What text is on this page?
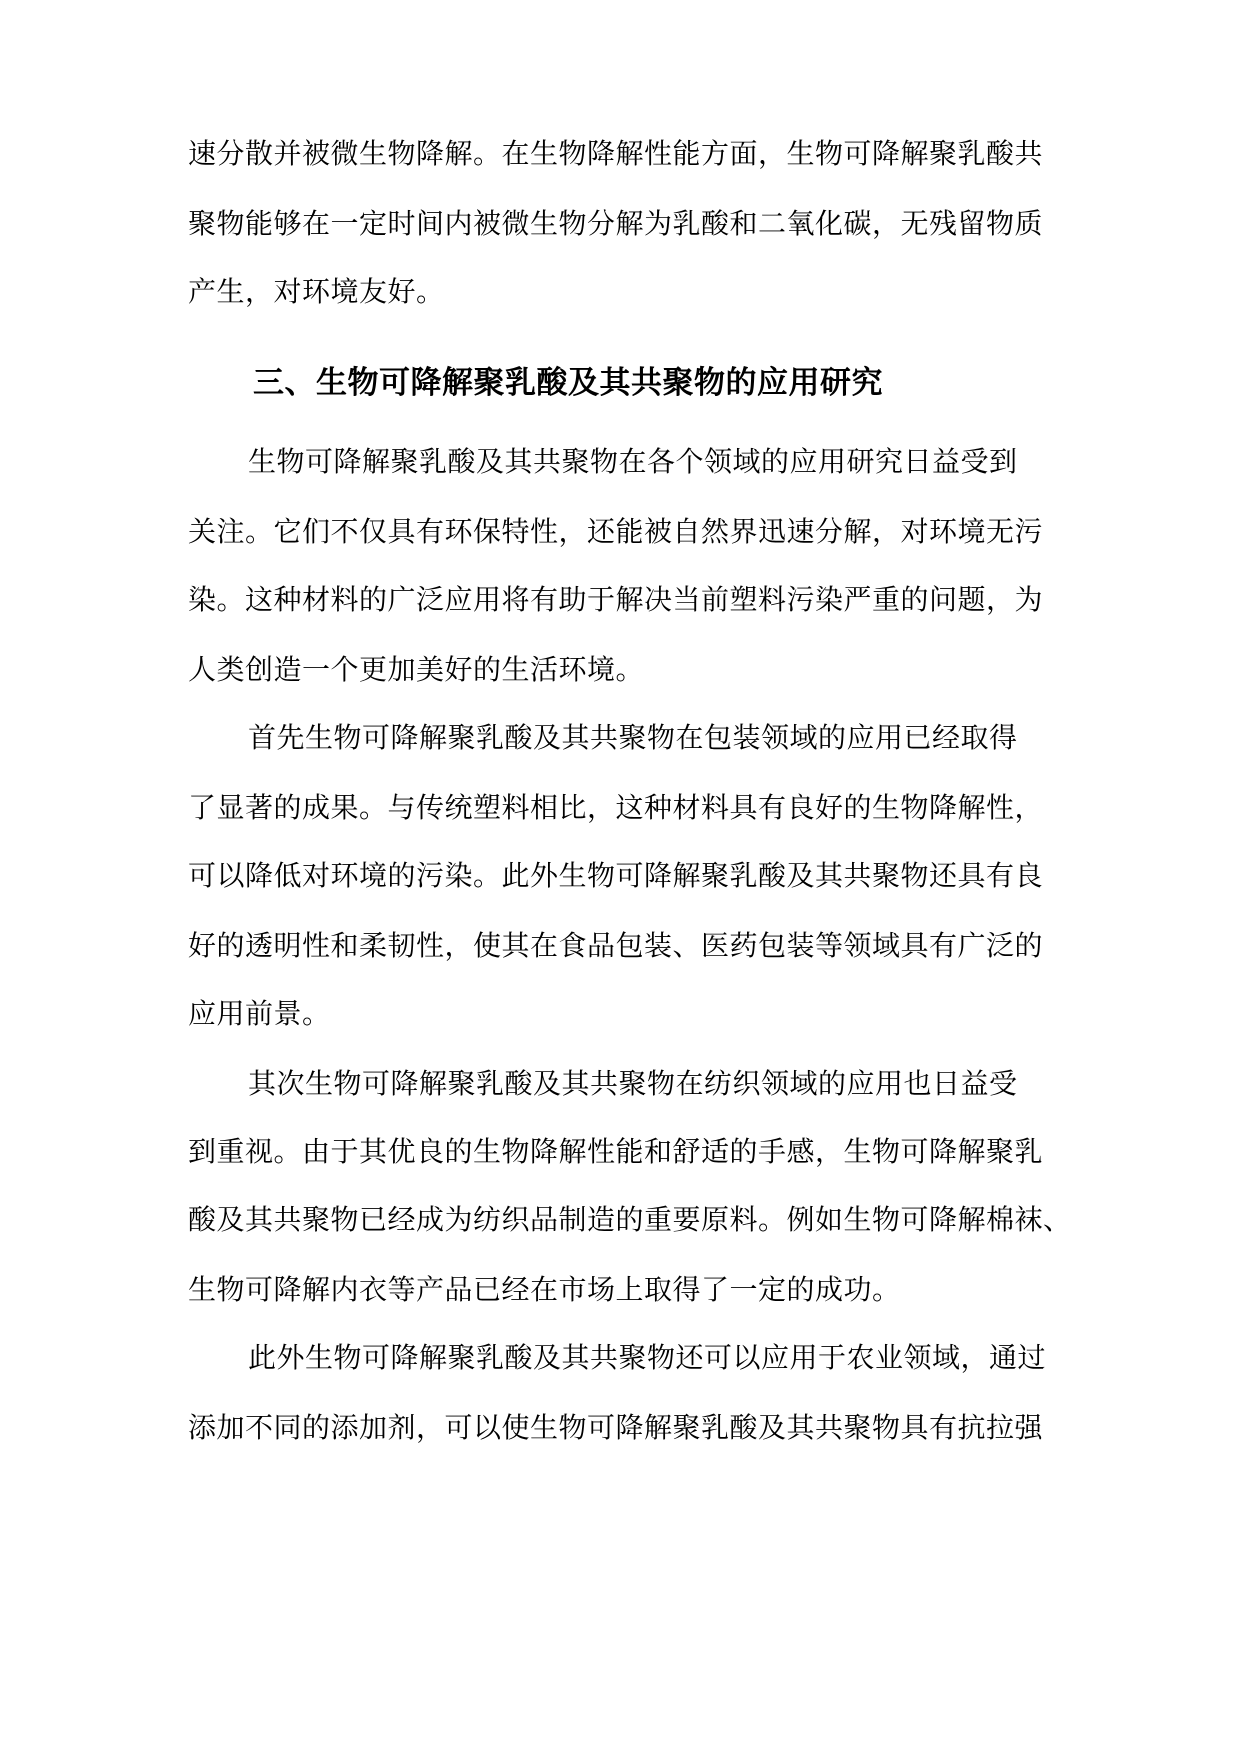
速分散并被微生物降解。在生物降解性能方面，生物可降解聚乳酸共
聚物能够在一定时间内被微生物分解为乳酸和二氧化碳，无残留物质
产生，对环境友好。
三、生物可降解聚乳酸及其共聚物的应用研究
生物可降解聚乳酸及其共聚物在各个领域的应用研究日益受到
关注。它们不仅具有环保特性，还能被自然界迅速分解，对环境无污
染。这种材料的广泛应用将有助于解决当前塑料污染严重的问题，为
人类创造一个更加美好的生活环境。
首先生物可降解聚乳酸及其共聚物在包装领域的应用已经取得
了显著的成果。与传统塑料相比，这种材料具有良好的生物降解性，
可以降低对环境的污染。此外生物可降解聚乳酸及其共聚物还具有良
好的透明性和柔韧性，使其在食品包装、医药包装等领域具有广泛的
应用前景。
其次生物可降解聚乳酸及其共聚物在纺织领域的应用也日益受
到重视。由于其优良的生物降解性能和舒适的手感，生物可降解聚乳
酸及其共聚物已经成为纺织品制造的重要原料。例如生物可降解棉袜、
生物可降解内衣等产品已经在市场上取得了一定的成功。
此外生物可降解聚乳酸及其共聚物还可以应用于农业领域，通过
添加不同的添加剂，可以使生物可降解聚乳酸及其共聚物具有抗拉强
